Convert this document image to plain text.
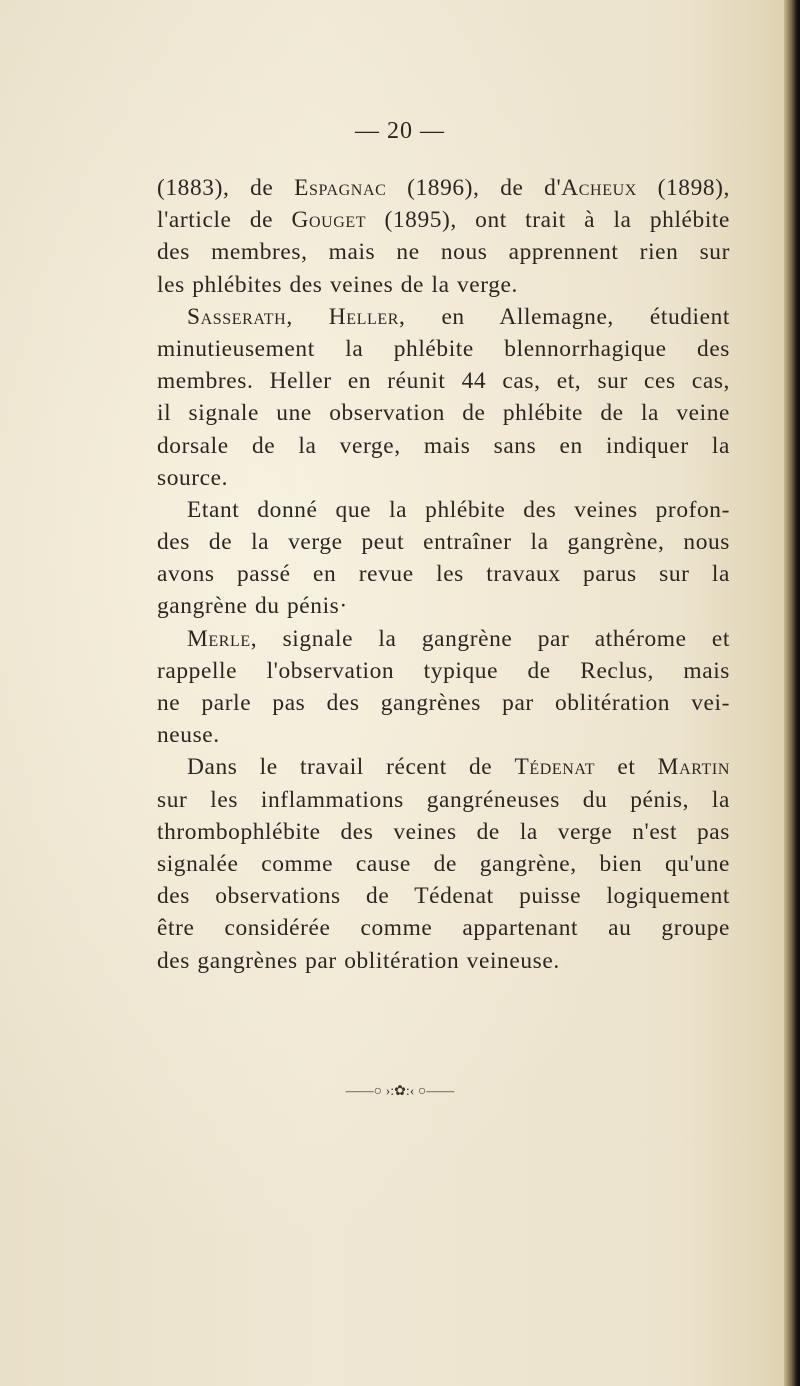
— 20 —
(1883), de Espagnac (1896), de d'Acheux (1898),
l'article de Gouget (1895), ont trait à la phlébite
des membres, mais ne nous apprennent rien sur
les phlébites des veines de la verge.
Sasserath, Heller, en Allemagne, étudient
minutieusement la phlébite blennorrhagique des
membres. Heller en réunit 44 cas, et, sur ces cas,
il signale une observation de phlébite de la veine
dorsale de la verge, mais sans en indiquer la
source.
Etant donné que la phlébite des veines profon-
des de la verge peut entraîner la gangrène, nous
avons passé en revue les travaux parus sur la
gangrène du pénis·
Merle, signale la gangrène par athérome et
rappelle l'observation typique de Reclus, mais
ne parle pas des gangrènes par oblitération vei-
neuse.
Dans le travail récent de Tédenat et Martin
sur les inflammations gangréneuses du pénis, la
thrombophlébite des veines de la verge n'est pas
signalée comme cause de gangrène, bien qu'une
des observations de Tédenat puisse logiquement
être considérée comme appartenant au groupe
des gangrènes par oblitération veineuse.
——○ ›:✿:‹ ○——
